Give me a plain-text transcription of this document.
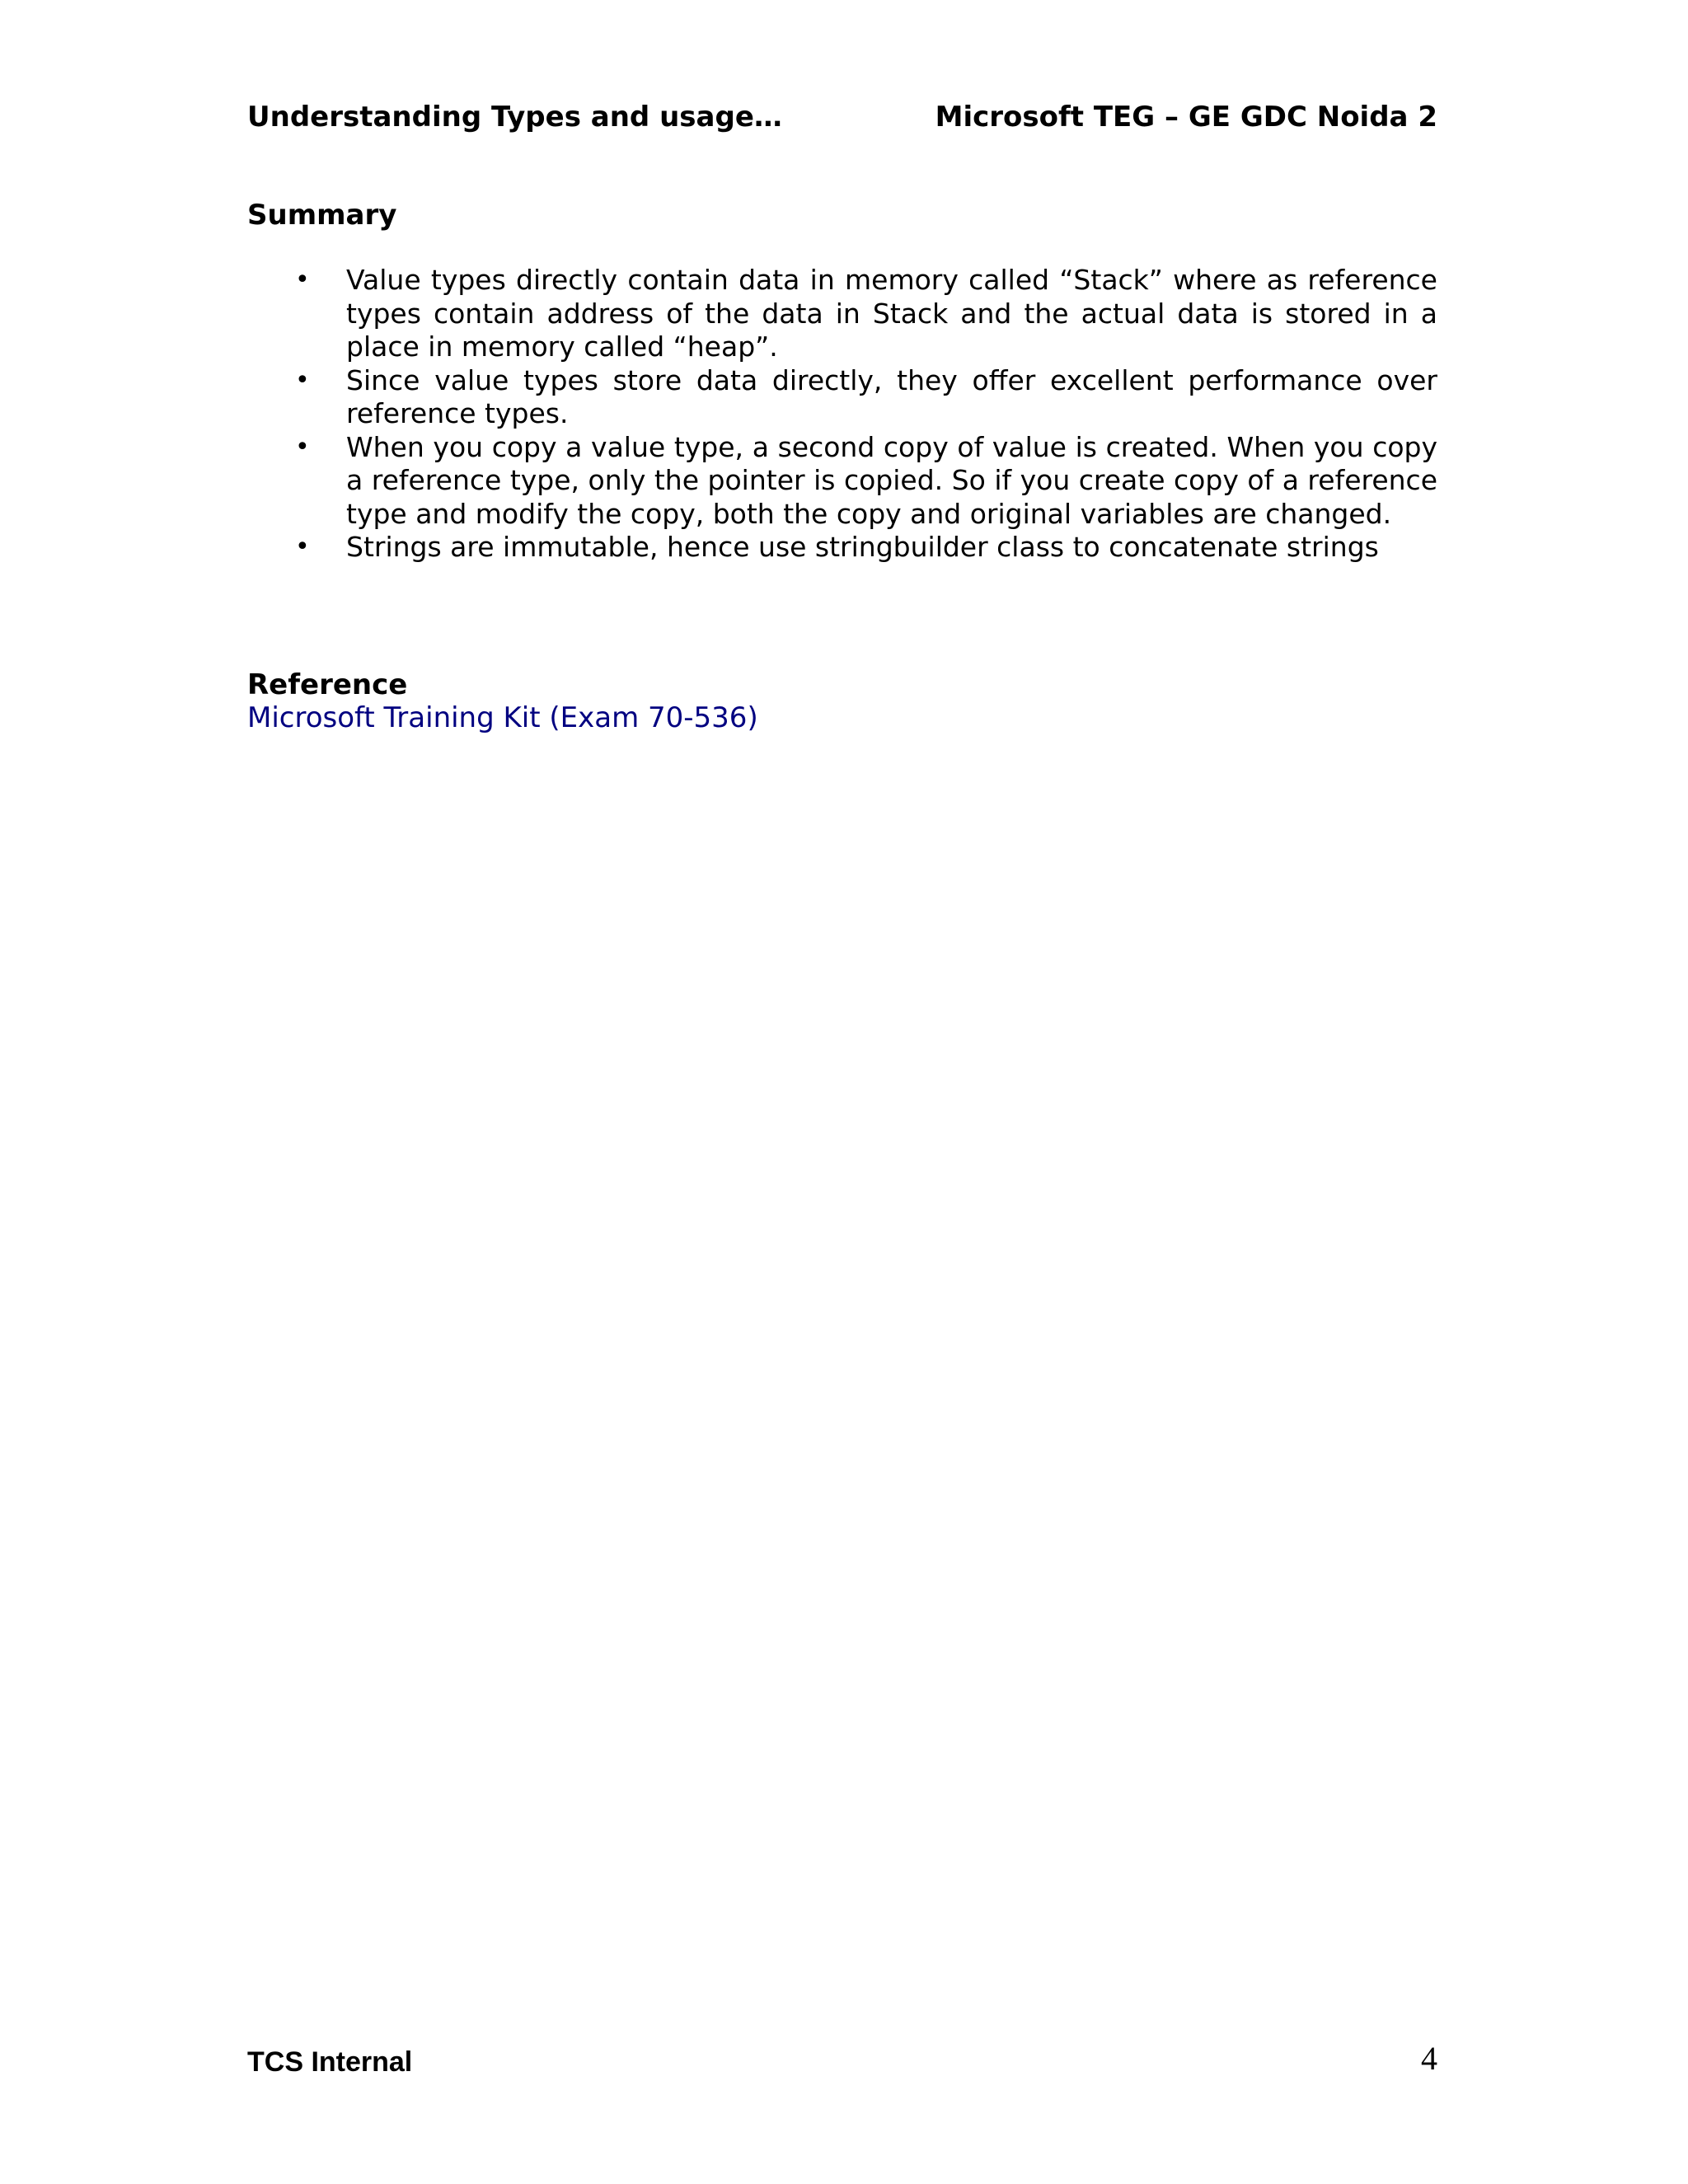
Understanding Types and usage…	Microsoft TEG – GE GDC Noida 2
Summary
• Value types directly contain data in memory called “Stack” where as reference types contain address of the data in Stack and the actual data is stored in a place in memory called “heap”.
• Since value types store data directly, they offer excellent performance over reference types.
• When you copy a value type, a second copy of value is created. When you copy a reference type, only the pointer is copied. So if you create copy of a reference type and modify the copy, both the copy and original variables are changed.
• Strings are immutable, hence use stringbuilder class to concatenate strings
Reference
Microsoft Training Kit (Exam 70-536)
TCS Internal	4
